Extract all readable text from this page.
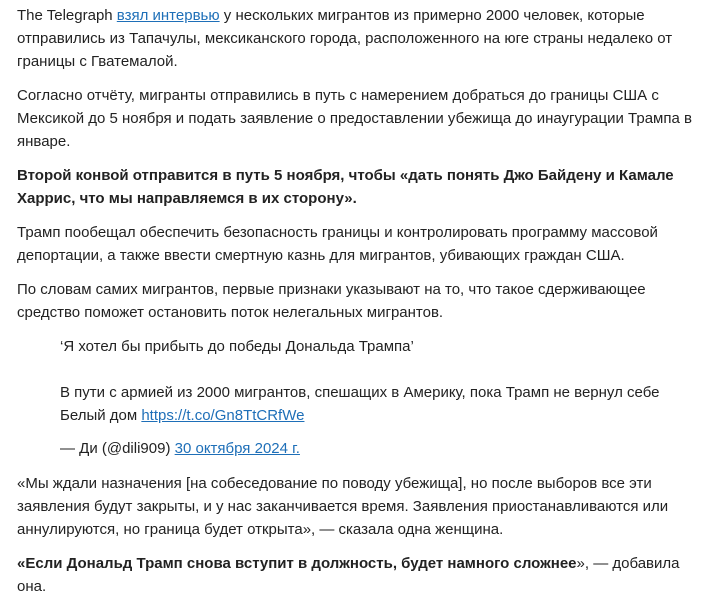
The Telegraph взял интервью у нескольких мигрантов из примерно 2000 человек, которые отправились из Тапачулы, мексиканского города, расположенного на юге страны недалеко от границы с Гватемалой.

Согласно отчёту, мигранты отправились в путь с намерением добраться до границы США с Мексикой до 5 ноября и подать заявление о предоставлении убежища до инаугурации Трампа в январе.

Второй конвой отправится в путь 5 ноября, чтобы «дать понять Джо Байдену и Камале Харрис, что мы направляемся в их сторону».

Трамп пообещал обеспечить безопасность границы и контролировать программу массовой депортации, а также ввести смертную казнь для мигрантов, убивающих граждан США.

По словам самих мигрантов, первые признаки указывают на то, что такое сдерживающее средство поможет остановить поток нелегальных мигрантов.

‘Я хотел бы прибыть до победы Дональда Трампа’

В пути с армией из 2000 мигрантов, спешащих в Америку, пока Трамп не вернул себе Белый дом https://t.co/Gn8TtCRfWe

— Ди (@dili909) 30 октября 2024 г.

«Мы ждали назначения [на собеседование по поводу убежища], но после выборов все эти заявления будут закрыты, и у нас заканчивается время. Заявления приостанавливаются или аннулируются, но граница будет открыта», — сказала одна женщина.

«Если Дональд Трамп снова вступит в должность, будет намного сложнее», — добавила она.
